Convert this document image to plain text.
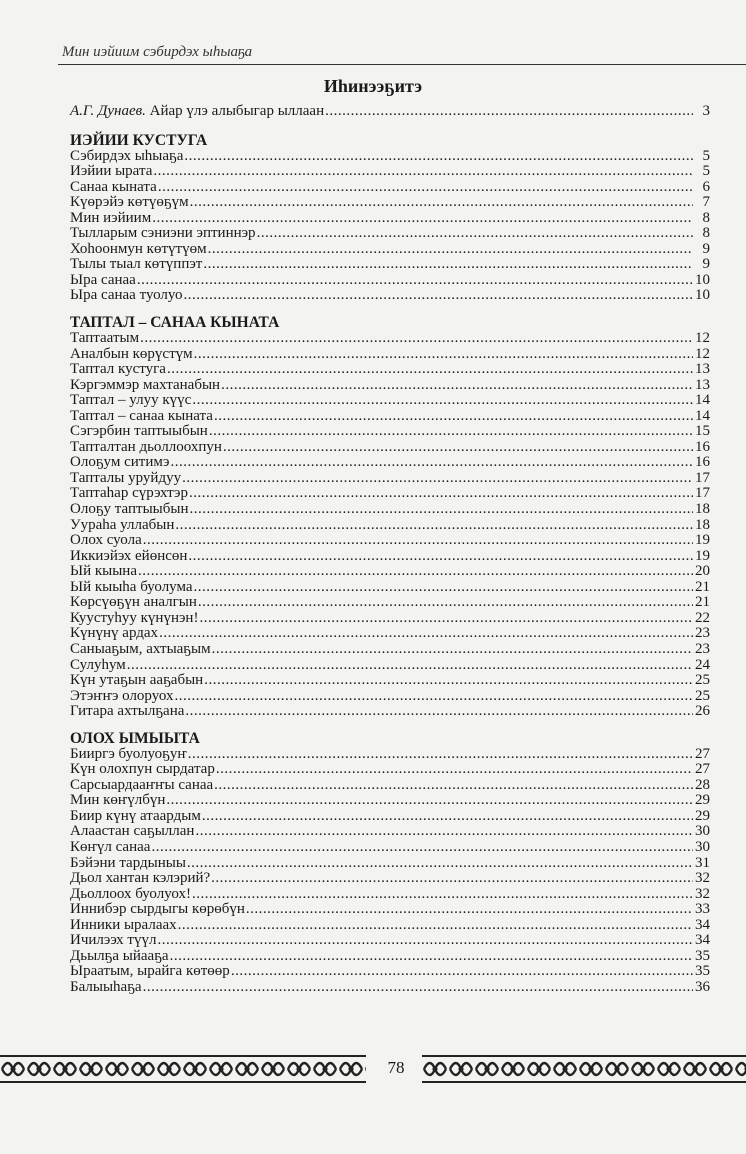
Мин иэйиим сэбирдэх ыһыаҕа
Иһинээҕитэ
А.Г. Дунаев. Айар үлэ алыбыгар ыллаан .....	3
ИЭЙИИ КУСТУГА
Сэбирдэх ыһыаҕа .....	5
Иэйии ырата .....	5
Санаа кыната .....	6
Күөрэйэ көтүөҕүм .....	7
Мин иэйиим .....	8
Тылларым сэниэни эптиннэр .....	8
Хоһоонмун көтүтүөм .....	9
Тылы тыал көтүппэт .....	9
Ыра санаа .....	10
Ыра санаа туолуо .....	10
ТАПТАЛ – САНАА КЫНАТА
Таптаатым .....	12
Аналбын көрүстүм .....	12
Таптал кустуга .....	13
Кэргэммэр махтанабын .....	13
Таптал – улуу күүс .....	14
Таптал – санаа кыната .....	14
Сэгэрбин таптыыбын .....	15
Тапталтан дьоллоохпун .....	16
Олоҕум ситимэ .....	16
Тапталы уруйдуу .....	17
Таптаһар сүрэхтэр .....	17
Олоҕу таптыыбын .....	18
Уураһа уллабын .....	18
Олох суола .....	19
Иккиэйэх ейөнсөн .....	19
Ый кыына .....	20
Ый кыыһа буолума .....	21
Көрсүөҕүн аналгын .....	21
Куустуһуу күнүнэн! .....	22
Күнүнү ардах .....	23
Саныаҕым, ахтыаҕым .....	23
Сулуһум .....	24
Күн утаҕын ааҕабын .....	25
Этэҥҥэ олоруох .....	25
Гитара ахтылҕана .....	26
ОЛОХ ЫМЫЫТА
Бииргэ буолуоҕуҥ .....	27
Күн олохпун сырдатар .....	27
Сарсыардааҥҥы санаа .....	28
Мин көҥүлбүн .....	29
Биир күнү атаардым .....	29
Алаастан саҕыллан .....	30
Көҥүл санаа .....	30
Бэйэни тардыныы .....	31
Дьол хантан кэлэрий? .....	32
Дьоллоох буолуох! .....	32
Иннибэр сырдыгы көрөбүн .....	33
Инники ыралаах .....	34
Ичилээх түүл .....	34
Дьылҕа ыйааҕа .....	35
Ыраатым, ырайга көтөөр .....	35
Балыыһаҕа .....	36
78
